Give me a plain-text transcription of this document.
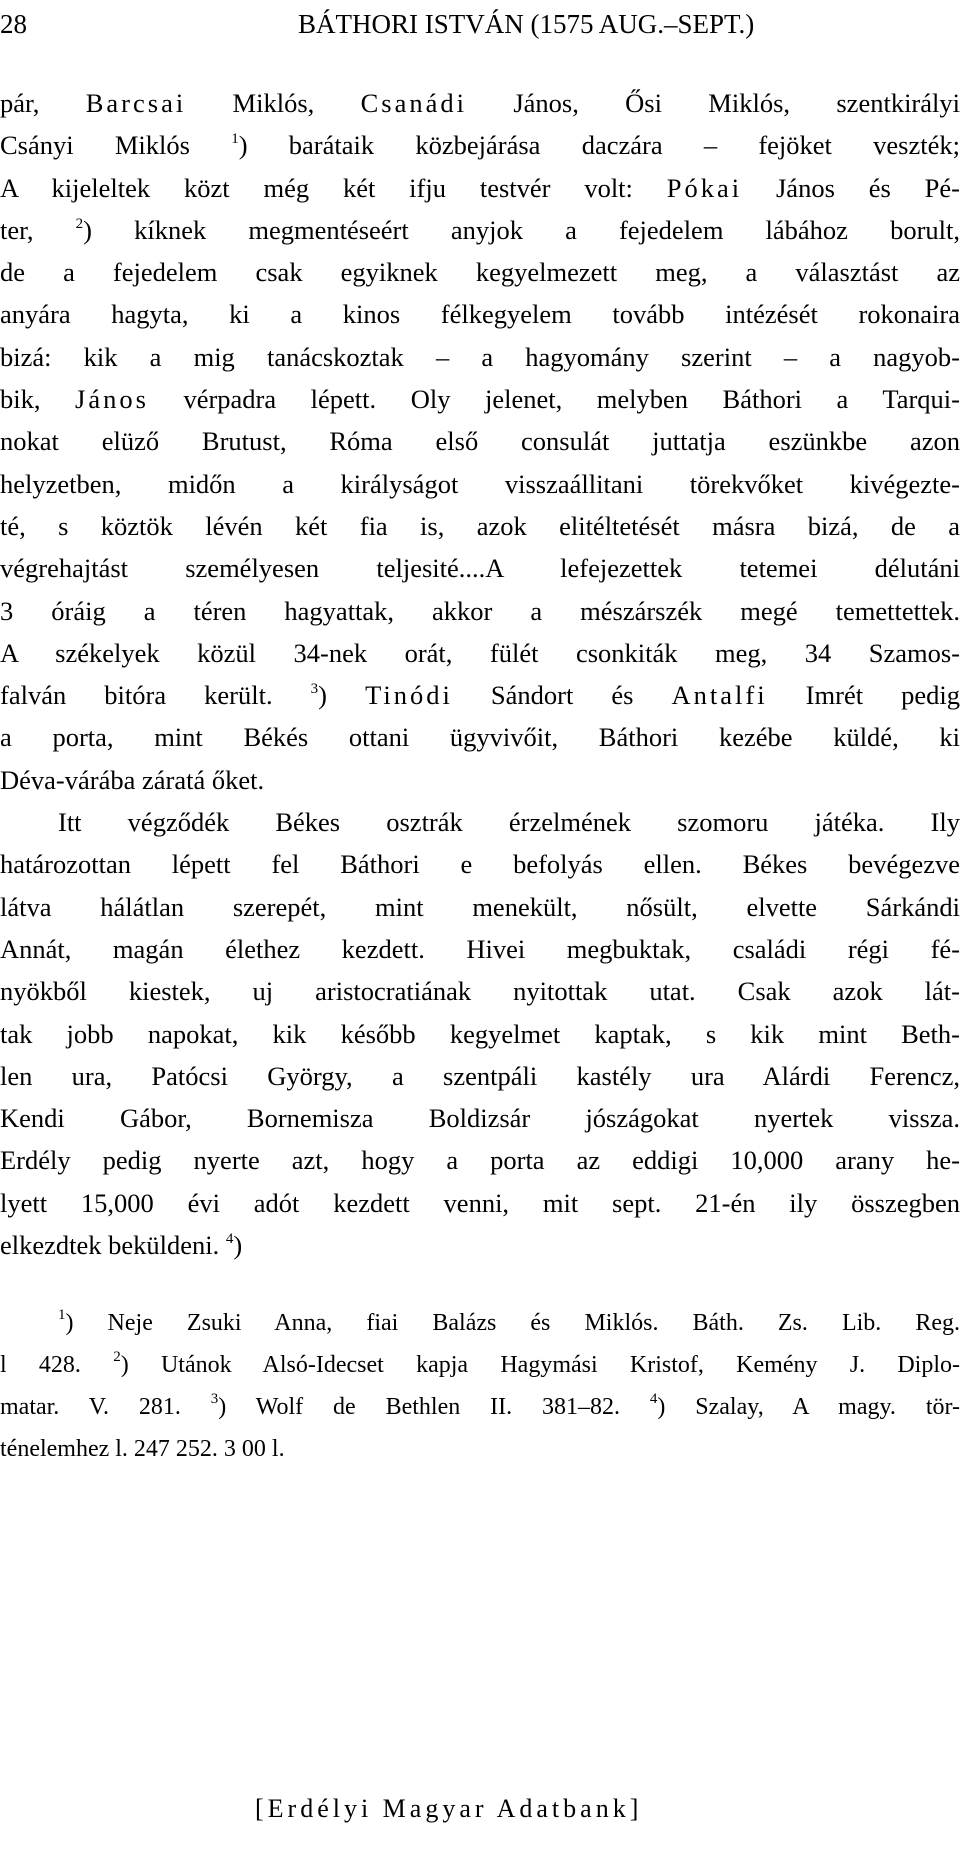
28	BÁTHORI ISTVÁN (1575 AUG.–SEPT.)
pár, Barcsai Miklós, Csanádi János, Ősi Miklós, szentkirályi
Csányi Miklós $^1$) barátaik közbejárása daczára – fejöket veszték;
A kijeleltek közt még két ifju testvér volt: Pókai János és Pé-
ter, $^2$) kíknek megmentéseért anyjok a fejedelem lábához borult,
de a fejedelem csak egyiknek kegyelmezett meg, a választást az
anyára hagyta, ki a kinos félkegyelem tovább intézését rokonaira
bizá: kik a mig tanácskoztak – a hagyomány szerint – a nagyob-
bik, János vérpadra lépett. Oly jelenet, melyben Báthori a Tarqui-
nokat elüző Brutust, Róma első consulát juttatja eszünkbe azon
helyzetben, midőn a királyságot visszaállitani törekvőket kivégezte-
té, s köztök lévén két fia is, azok elitéltetését másra bizá, de a
végrehajtást személyesen teljesité....A lefejezettek tetemei délutáni
3 óráig a téren hagyattak, akkor a mészárszék megé temettettek.
A székelyek közül 34-nek orát, fülét csonkiták meg, 34 Szamos-
falván bitóra került. $^3$) Tinódi Sándort és Antalfi Imrét pedig
a porta, mint Békés ottani ügyvivőit, Báthori kezébe küldé, ki
Déva-várába záratá őket.
Itt végződék Békes osztrák érzelmének szomoru játéka. Ily
határozottan lépett fel Báthori e befolyás ellen. Békes bevégezve
látva hálátlan szerepét, mint menekült, nősült, elvette Sárkándi
Annát, magán élethez kezdett. Hivei megbuktak, családi régi fé-
nyökből kiestek, uj aristocratiának nyitottak utat. Csak azok lát-
tak jobb napokat, kik később kegyelmet kaptak, s kik mint Beth-
len ura, Patócsi György, a szentpáli kastély ura Alárdi Ferencz,
Kendi Gábor, Bornemisza Boldizsár jószágokat nyertek vissza.
Erdély pedig nyerte azt, hogy a porta az eddigi 10,000 arany he-
lyett 15,000 évi adót kezdett venni, mit sept. 21-én ily összegben
elkezdtek beküldeni. $^4$)
$^1$) Neje Zsuki Anna, fiai Balázs és Miklós. Báth. Zs. Lib. Reg.
l 428. $^2$) Utánok Alsó-Idecset kapja Hagymási Kristof, Kemény J. Diplo-
matar. V. 281. $^3$) Wolf de Bethlen II. 381–82. $^4$) Szalay, A magy. tör-
ténelemhez l. 247 252. 3 00 l.
[Erdélyi Magyar Adatbank]
